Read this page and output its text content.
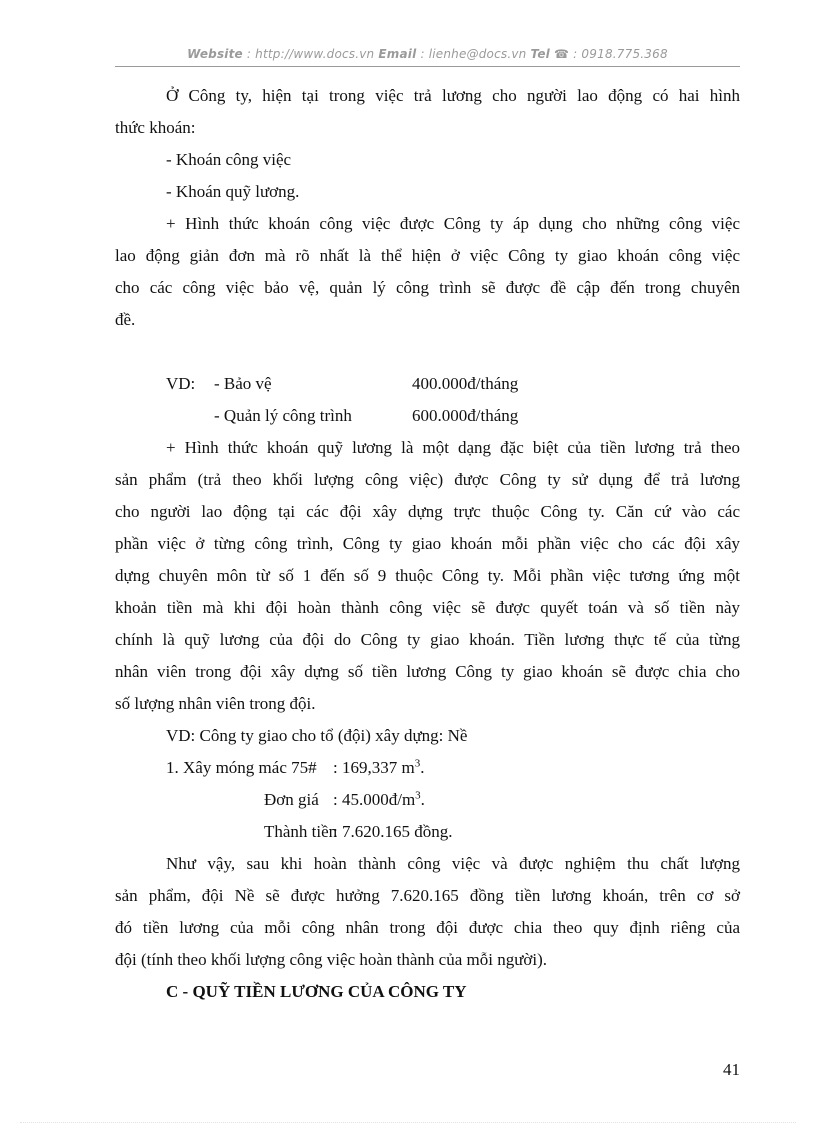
Website : http://www.docs.vn Email : lienhe@docs.vn Tel ☎ : 0918.775.368
Ở Công ty, hiện tại trong việc trả lương cho người lao động có hai hình
thức khoán:
- Khoán công việc
- Khoán quỹ lương.
+ Hình thức khoán công việc được Công ty áp dụng cho những công việc
lao động giản đơn mà rõ nhất là thể hiện ở việc Công ty giao khoán công việc
cho các công việc bảo vệ, quản lý công trình sẽ được đề cập đến trong chuyên
đề.
VD: - Bảo vệ	400.000đ/tháng
- Quản lý công trình	600.000đ/tháng
+ Hình thức khoán quỹ lương là một dạng đặc biệt của tiền lương trả theo
sản phẩm (trả theo khối lượng công việc) được Công ty sử dụng để trả lương
cho người lao động tại các đội xây dựng trực thuộc Công ty. Căn cứ vào các
phần việc ở từng công trình, Công ty giao khoán mỗi phần việc cho các đội xây
dựng chuyên môn từ số 1 đến số 9 thuộc Công ty. Mỗi phần việc tương ứng một
khoản tiền mà khi đội hoàn thành công việc sẽ được quyết toán và số tiền này
chính là quỹ lương của đội do Công ty giao khoán. Tiền lương thực tế của từng
nhân viên trong đội xây dựng số tiền lương Công ty giao khoán sẽ được chia cho
số lượng nhân viên trong đội.
VD: Công ty giao cho tổ (đội) xây dựng: Nề
1. Xây móng mác 75# : 169,337 $m^3$.
Đơn giá : $45.000đ/m^3$.
Thành tiền
: 7.620.165 đồng.
Như vậy, sau khi hoàn thành công việc và được nghiệm thu chất lượng
sản phẩm, đội Nề sẽ được hưởng 7.620.165 đồng tiền lương khoán, trên cơ sở
đó tiền lương của mỗi công nhân trong đội được chia theo quy định riêng của
đội (tính theo khối lượng công việc hoàn thành của mỗi người).
C - QUỸ TIỀN LƯƠNG CỦA CÔNG TY
41
